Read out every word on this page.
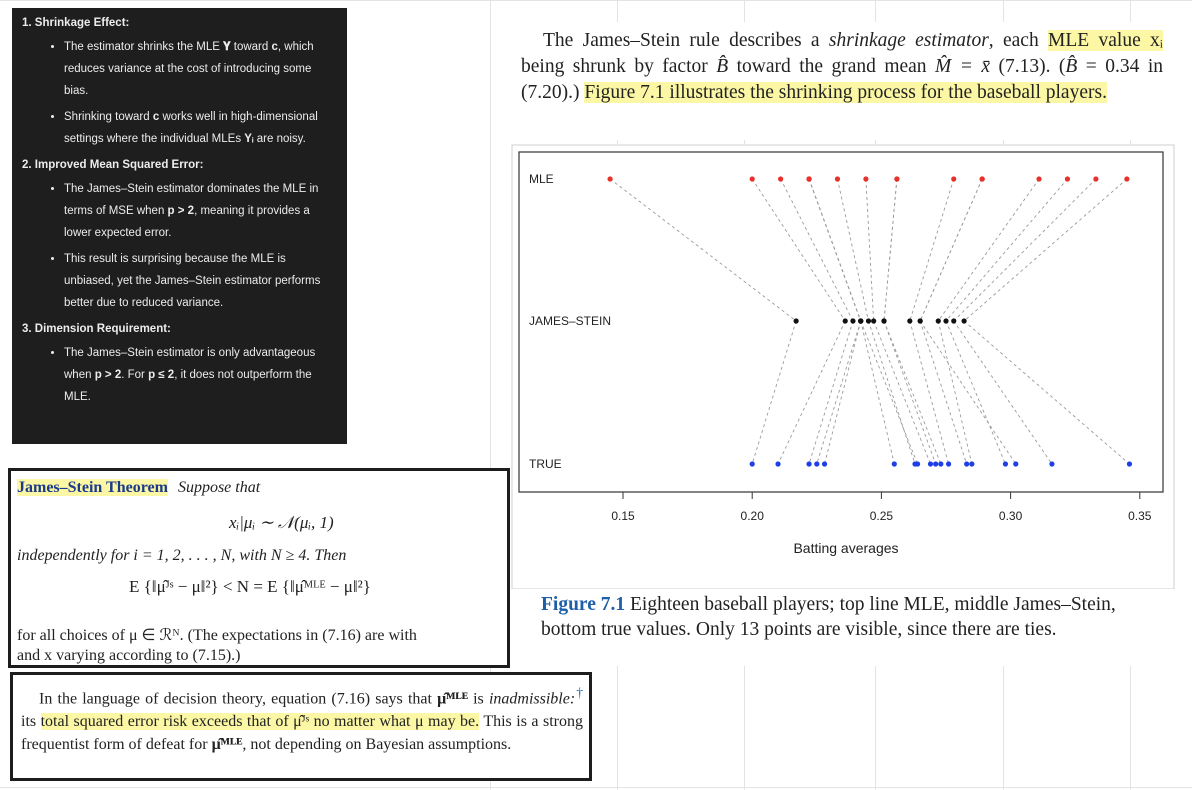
1. Shrinkage Effect:
• The estimator shrinks the MLE 𝐘 toward c, which reduces variance at the cost of introducing some bias.
• Shrinking toward c works well in high-dimensional settings where the individual MLEs Yᵢ are noisy.
2. Improved Mean Squared Error:
• The James–Stein estimator dominates the MLE in terms of MSE when p > 2, meaning it provides a lower expected error.
• This result is surprising because the MLE is unbiased, yet the James–Stein estimator performs better due to reduced variance.
3. Dimension Requirement:
• The James–Stein estimator is only advantageous when p > 2. For p ≤ 2, it does not outperform the MLE.

The James–Stein rule describes a shrinkage estimator, each MLE value xᵢ being shrunk by factor B̂ toward the grand mean M̂ = x̄ (7.13). (B̂ = 0.34 in (7.20).) Figure 7.1 illustrates the shrinking process for the baseball players.

MLE
JAMES–STEIN
TRUE
0.15	0.20	0.25	0.30	0.35
Batting averages
Figure 7.1 Eighteen baseball players; top line MLE, middle James–Stein, bottom true values. Only 13 points are visible, since there are ties.
James–Stein Theorem Suppose that
xᵢ|μᵢ ∼ 𝒩(μᵢ, 1)
independently for i = 1, 2, . . . , N, with N ≥ 4. Then
E {‖μ̂ᴶˢ − μ‖²} < N = E {‖μ̂ᴹᴸᴱ − μ‖²}
for all choices of μ ∈ ℛᴺ. (The expectations in (7.16) are with
and x varying according to (7.15).)

In the language of decision theory, equation (7.16) says that μ̂ᴹᴸᴱ is inadmissible:† its total squared error risk exceeds that of μ̂ᴶˢ no matter what μ may be. This is a strong frequentist form of defeat for μ̂ᴹᴸᴱ, not depending on Bayesian assumptions.
